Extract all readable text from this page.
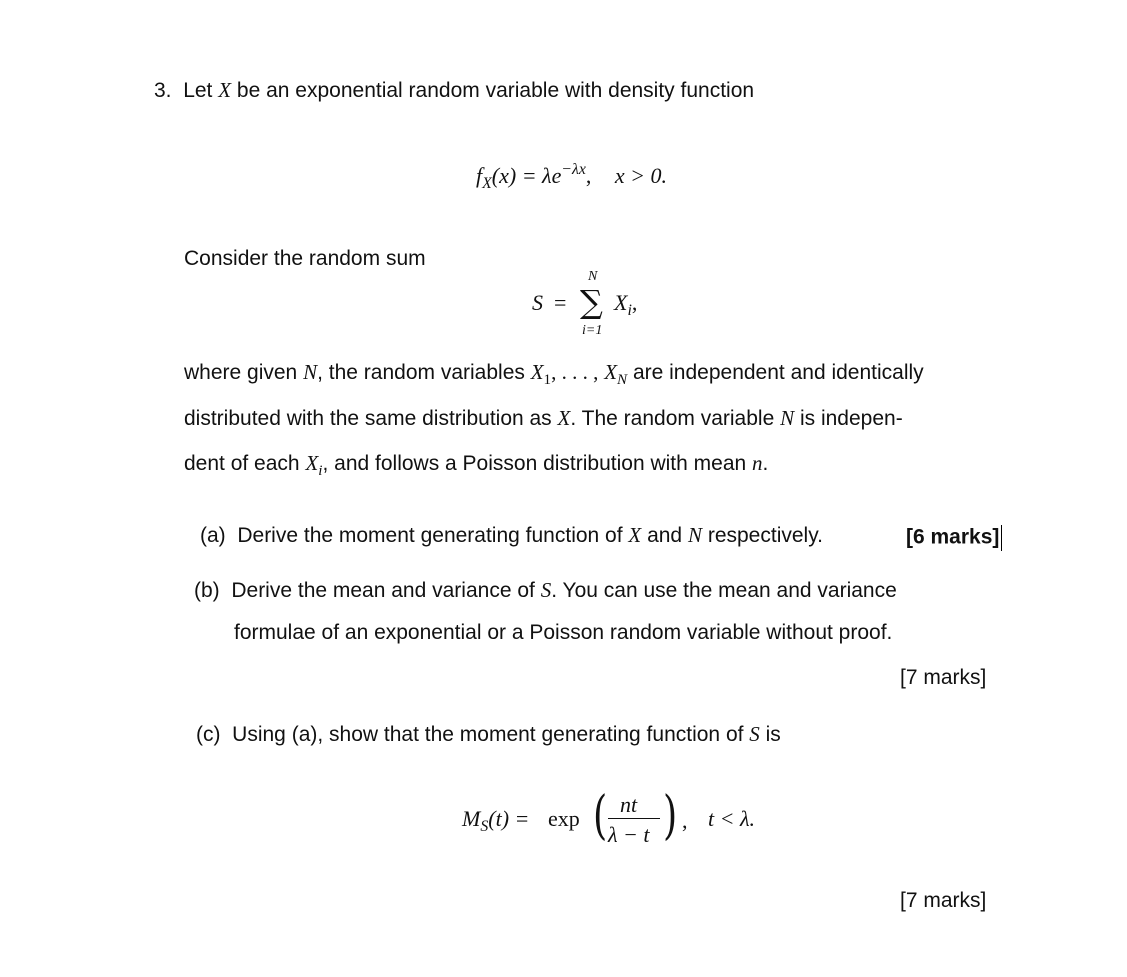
3. Let X be an exponential random variable with density function
$f_X(x) = \lambda e^{-\lambda x}$, x > 0.
Consider the random sum
N
S = ∑ $X_i$,
i=1
where given N, the random variables $X_1$, . . . , $X_N$ are independent and identically
distributed with the same distribution as X. The random variable N is indepen-
dent of each $X_i$, and follows a Poisson distribution with mean n.
(a) Derive the moment generating function of X and N respectively.	[6 marks]
(b) Derive the mean and variance of S. You can use the mean and variance
formulae of an exponential or a Poisson random variable without proof.
[7 marks]
(c) Using (a), show that the moment generating function of S is
$M_S(t) = \exp$ ( nt
λ − t ) , t < λ.
[7 marks]
